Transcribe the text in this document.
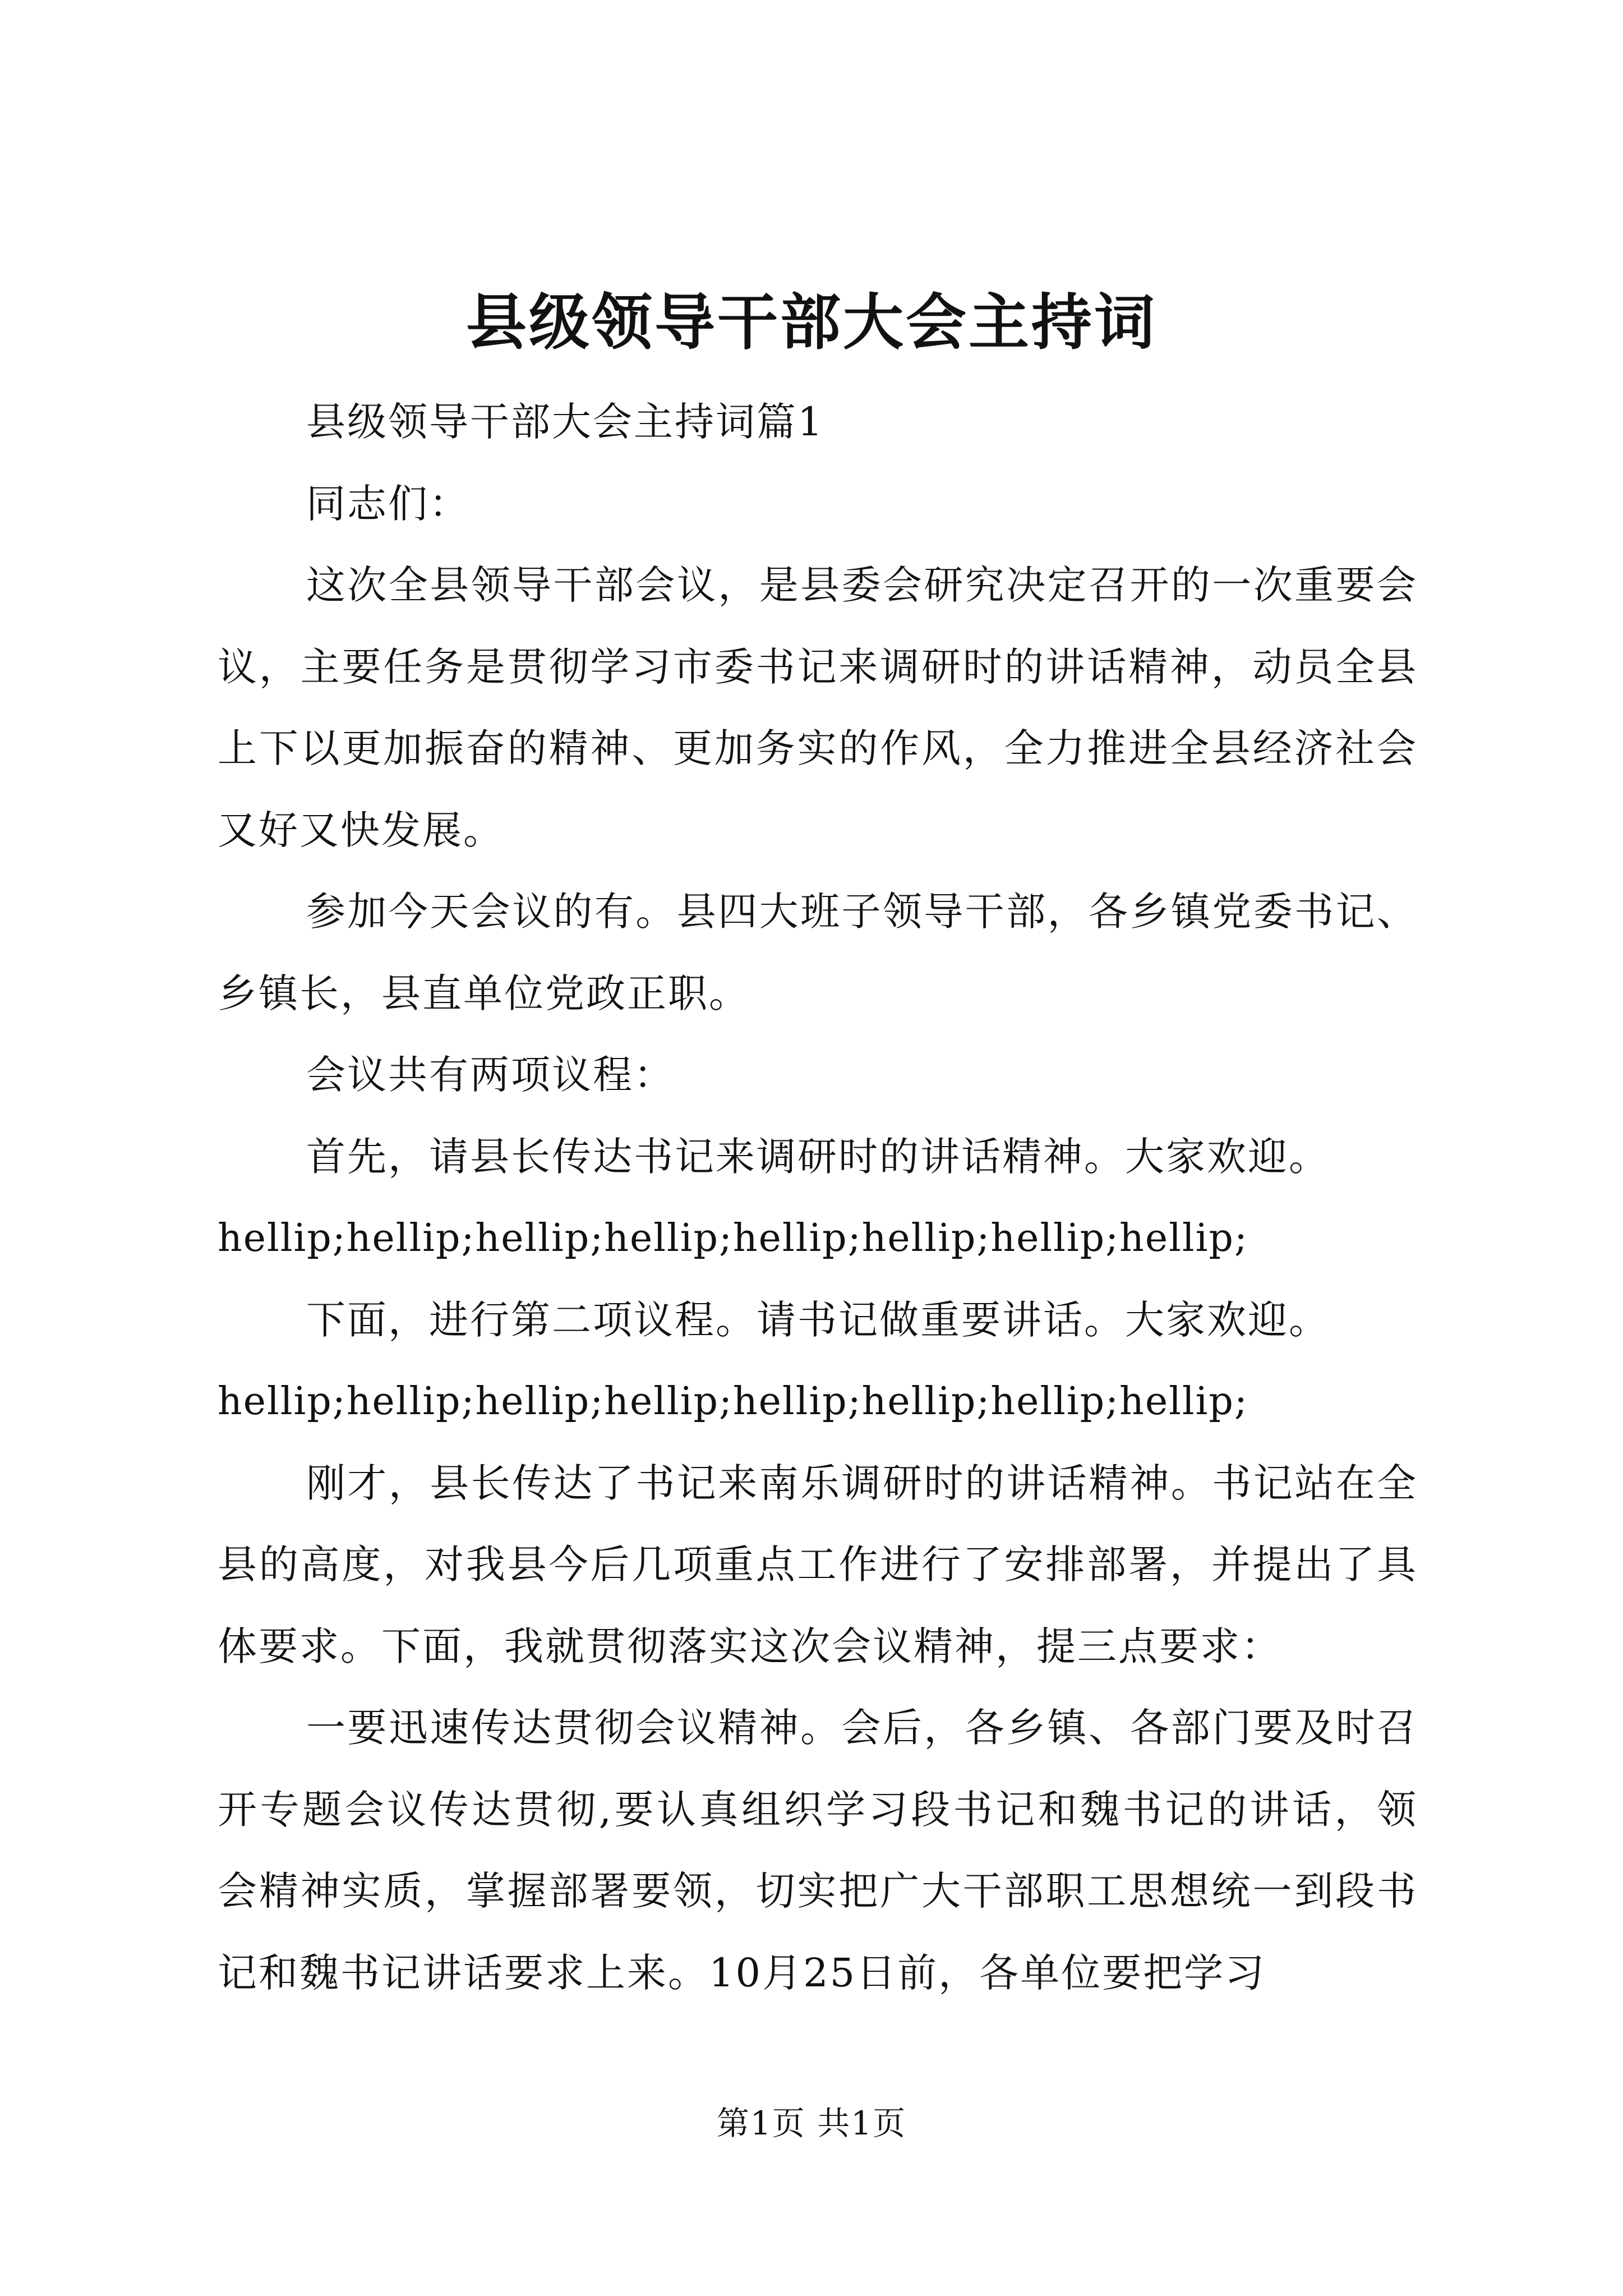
县级领导干部大会主持词

县级领导干部大会主持词篇1

同志们：

这次全县领导干部会议，是县委会研究决定召开的一次重要会议，主要任务是贯彻学习市委书记来调研时的讲话精神，动员全县上下以更加振奋的精神、更加务实的作风，全力推进全县经济社会又好又快发展。

参加今天会议的有。县四大班子领导干部，各乡镇党委书记、乡镇长，县直单位党政正职。

会议共有两项议程：

首先，请县长传达书记来调研时的讲话精神。大家欢迎。

hellip;hellip;hellip;hellip;hellip;hellip;hellip;hellip;

下面，进行第二项议程。请书记做重要讲话。大家欢迎。

hellip;hellip;hellip;hellip;hellip;hellip;hellip;hellip;

刚才，县长传达了书记来南乐调研时的讲话精神。书记站在全县的高度，对我县今后几项重点工作进行了安排部署，并提出了具体要求。下面，我就贯彻落实这次会议精神，提三点要求：

一要迅速传达贯彻会议精神。会后，各乡镇、各部门要及时召开专题会议传达贯彻,要认真组织学习段书记和魏书记的讲话，领会精神实质，掌握部署要领，切实把广大干部职工思想统一到段书记和魏书记讲话要求上来。10月25日前，各单位要把学习

第1页 共1页
